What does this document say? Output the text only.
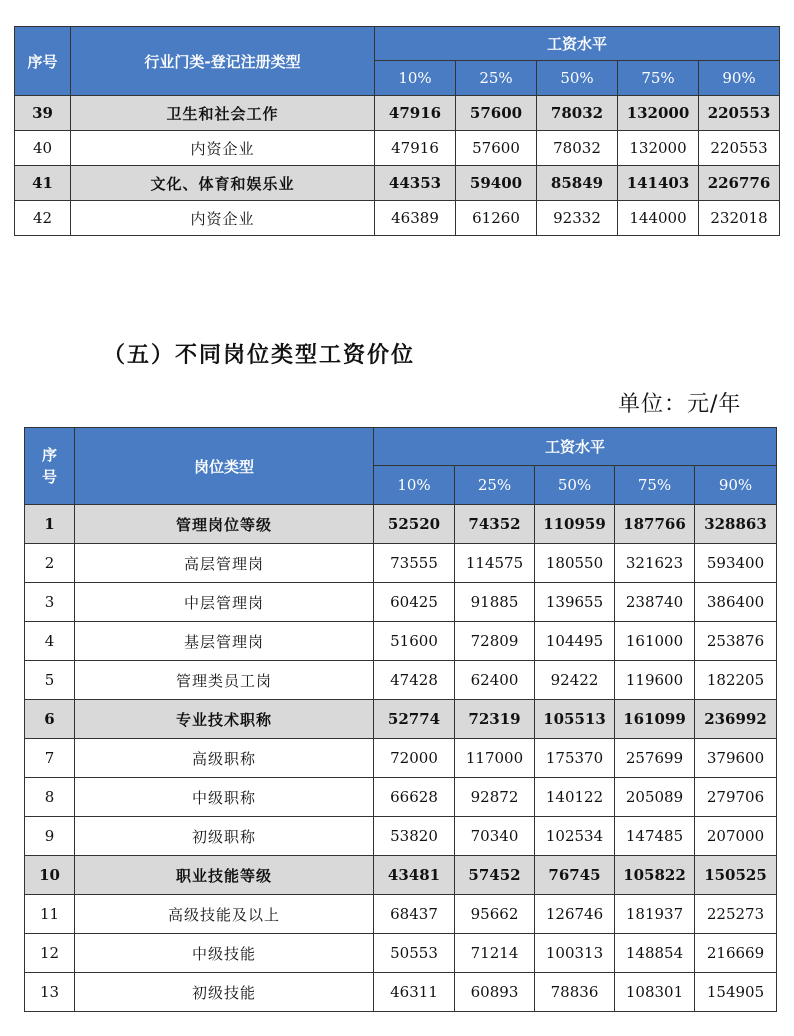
序号	行业门类-登记注册类型	工资水平				
		10%	25%	50%	75%	90%
39	卫生和社会工作	47916	57600	78032	132000	220553
40	内资企业	47916	57600	78032	132000	220553
41	文化、体育和娱乐业	44353	59400	85849	141403	226776
42	内资企业	46389	61260	92332	144000	232018
（五）不同岗位类型工资价位
单位：元/年
序号	岗位类型	工资水平				
		10%	25%	50%	75%	90%
1	管理岗位等级	52520	74352	110959	187766	328863
2	高层管理岗	73555	114575	180550	321623	593400
3	中层管理岗	60425	91885	139655	238740	386400
4	基层管理岗	51600	72809	104495	161000	253876
5	管理类员工岗	47428	62400	92422	119600	182205
6	专业技术职称	52774	72319	105513	161099	236992
7	高级职称	72000	117000	175370	257699	379600
8	中级职称	66628	92872	140122	205089	279706
9	初级职称	53820	70340	102534	147485	207000
10	职业技能等级	43481	57452	76745	105822	150525
11	高级技能及以上	68437	95662	126746	181937	225273
12	中级技能	50553	71214	100313	148854	216669
13	初级技能	46311	60893	78836	108301	154905
